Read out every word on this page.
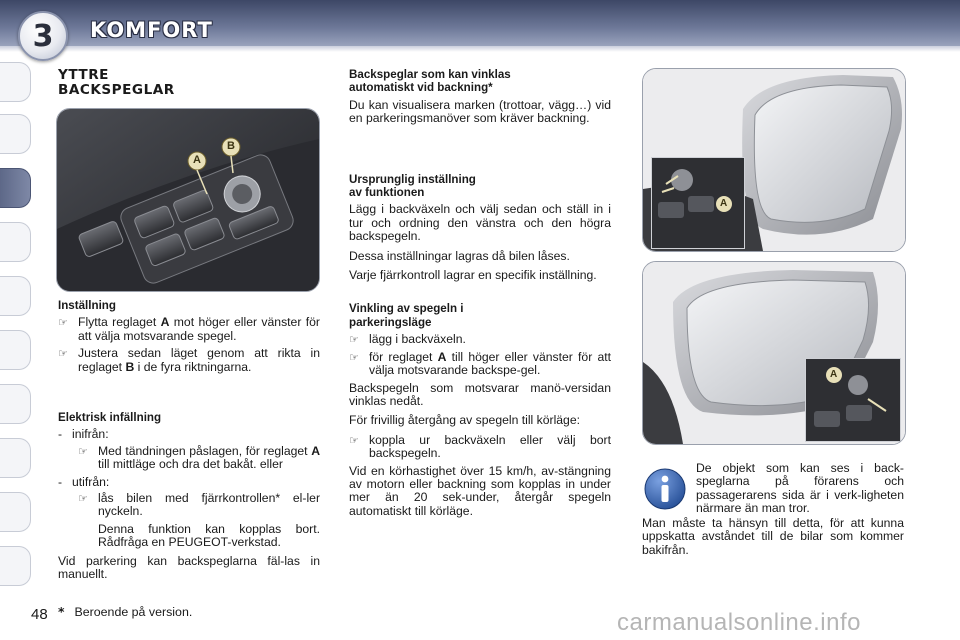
3 KOMFORT
YTTRE
BACKSPEGLAR
A
B
Inställning
☞ Flytta reglaget A mot höger eller vänster för att välja motsvarande spegel.
☞ Justera sedan läget genom att rikta in reglaget B i de fyra riktningarna.
Elektrisk infällning
- inifrån:
☞ Med tändningen påslagen, för reglaget A till mittläge och dra det bakåt. eller
- utifrån:
☞ lås bilen med fjärrkontrollen* el-ler nyckeln.

Denna funktion kan kopplas bort. Rådfråga en PEUGEOT-verkstad.

Vid parkering kan backspeglarna fäl-las in manuellt.

Backspeglar som kan vinklas
automatiskt vid backning*

Du kan visualisera marken (trottoar, vägg…) vid en parkeringsmanöver som kräver backning.

Ursprunglig inställning
av funktionen

Lägg i backväxeln och välj sedan och ställ in i tur och ordning den vänstra och den högra backspegeln.

Dessa inställningar lagras då bilen låses.

Varje fjärrkontroll lagrar en specifik inställning.

Vinkling av spegeln i
parkeringsläge
☞ lägg i backväxeln.
☞ för reglaget A till höger eller vänster för att välja motsvarande backspe-gel.

Backspegeln som motsvarar manö-versidan vinklas nedåt.

För frivillig återgång av spegeln till körläge:

☞ koppla ur backväxeln eller välj bort backspegeln.

Vid en körhastighet över 15 km/h, av-stängning av motorn eller backning som kopplas in under mer än 20 sek-under, återgår spegeln automatiskt till körläge.

A
A
De objekt som kan ses i back-speglarna på förarens och passagerarens sida är i verk-ligheten närmare än man tror.
Man måste ta hänsyn till detta, för att kunna uppskatta avståndet till de bilar som kommer bakifrån.
48 * Beroende på version.	carmanualsonline.info
